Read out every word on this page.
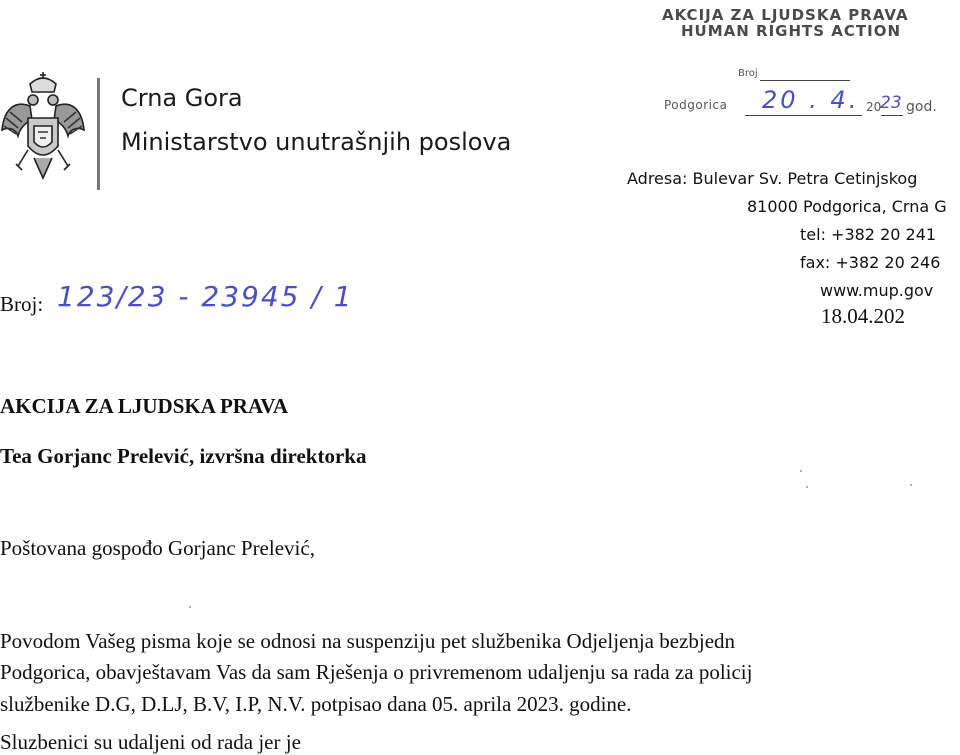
Crna Gora
Ministarstvo unutrašnjih poslova
AKCIJA ZA LJUDSKA PRAVA
HUMAN RIGHTS ACTION
Broj
Podgorica 20 . 4. 20
23 god.
Adresa: Bulevar Sv. Petra Cetinjskog
81000 Podgorica, Crna G
tel: +382 20 241
fax: +382 20 246
www.mup.gov
18.04.202
Broj: 123/23 - 23945 / 1
AKCIJA ZA LJUDSKA PRAVA
Tea Gorjanc Prelević, izvršna direktorka
Poštovana gospođo Gorjanc Prelević,
Povodom Vašeg pisma koje se odnosi na suspenziju pet službenika Odjeljenja bezbjedn
Podgorica, obavještavam Vas da sam Rješenja o privremenom udaljenju sa rada za policij
službenike D.G, D.LJ, B.V, I.P, N.V. potpisao dana 05. aprila 2023. godine.
Sluzbenici su udaljeni od rada jer je
